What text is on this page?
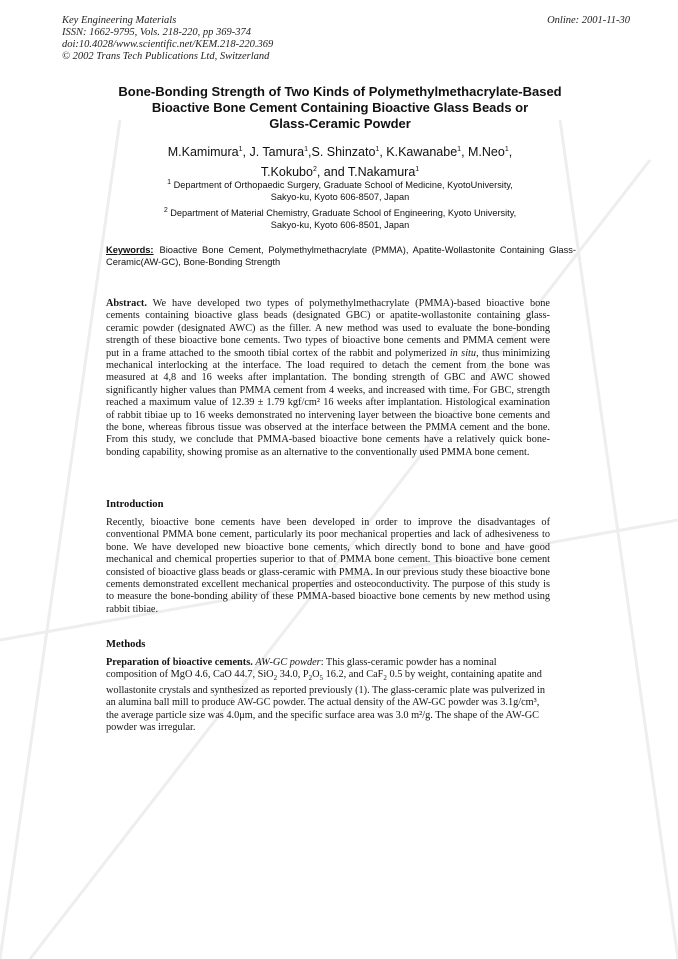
Key Engineering Materials
ISSN: 1662-9795, Vols. 218-220, pp 369-374
doi:10.4028/www.scientific.net/KEM.218-220.369
© 2002 Trans Tech Publications Ltd, Switzerland
Online: 2001-11-30
Bone-Bonding Strength of Two Kinds of Polymethylmethacrylate-Based
Bioactive Bone Cement Containing Bioactive Glass Beads or
Glass-Ceramic Powder
M.Kamimura$^1$, J. Tamura$^1$,S. Shinzato$^1$, K.Kawanabe$^1$, M.Neo$^1$,
T.Kokubo$^2$, and T.Nakamura$^1$
$^1$ Department of Orthopaedic Surgery, Graduate School of Medicine, KyotoUniversity,
Sakyo-ku, Kyoto 606-8507, Japan
$^2$ Department of Material Chemistry, Graduate School of Engineering, Kyoto University,
Sakyo-ku, Kyoto 606-8501, Japan
Keywords: Bioactive Bone Cement, Polymethylmethacrylate (PMMA), Apatite-Wollastonite Containing Glass-Ceramic(AW-GC), Bone-Bonding Strength
Abstract. We have developed two types of polymethylmethacrylate (PMMA)-based bioactive bone cements containing bioactive glass beads (designated GBC) or apatite-wollastonite containing glass-ceramic powder (designated AWC) as the filler. A new method was used to evaluate the bone-bonding strength of these bioactive bone cements. Two types of bioactive bone cements and PMMA cement were put in a frame attached to the smooth tibial cortex of the rabbit and polymerized in situ, thus minimizing mechanical interlocking at the interface. The load required to detach the cement from the bone was measured at 4,8 and 16 weeks after implantation. The bonding strength of GBC and AWC showed significantly higher values than PMMA cement from 4 weeks, and increased with time. For GBC, strength reached a maximum value of 12.39 ± 1.79 kgf/cm² 16 weeks after implantation. Histological examination of rabbit tibiae up to 16 weeks demonstrated no intervening layer between the bioactive bone cements and the bone, whereas fibrous tissue was observed at the interface between the PMMA cement and the bone. From this study, we conclude that PMMA-based bioactive bone cements have a relatively quick bone-bonding capability, showing promise as an alternative to the conventionally used PMMA bone cement.
Introduction
Recently, bioactive bone cements have been developed in order to improve the disadvantages of conventional PMMA bone cement, particularly its poor mechanical properties and lack of adhesiveness to bone. We have developed new bioactive bone cements, which directly bond to bone and have good mechanical and chemical properties superior to that of PMMA bone cement. This bioactive bone cement consisted of bioactive glass beads or glass-ceramic with PMMA. In our previous study these bioactive bone cements demonstrated excellent mechanical properties and osteoconductivity. The purpose of this study is to measure the bone-bonding ability of these PMMA-based bioactive bone cements by new method using rabbit tibiae.
Methods
Preparation of bioactive cements. AW-GC powder: This glass-ceramic powder has a nominal composition of MgO 4.6, CaO 44.7, SiO$_2$ 34.0, $P_2O_5$ 16.2, and CaF$_2$ 0.5 by weight, containing apatite and wollastonite crystals and synthesized as reported previously (1). The glass-ceramic plate was pulverized in an alumina ball mill to produce AW-GC powder. The actual density of the AW-GC powder was 3.1g/cm³, the average particle size was 4.0μm, and the specific surface area was 3.0 m²/g. The shape of the AW-GC powder was irregular.
